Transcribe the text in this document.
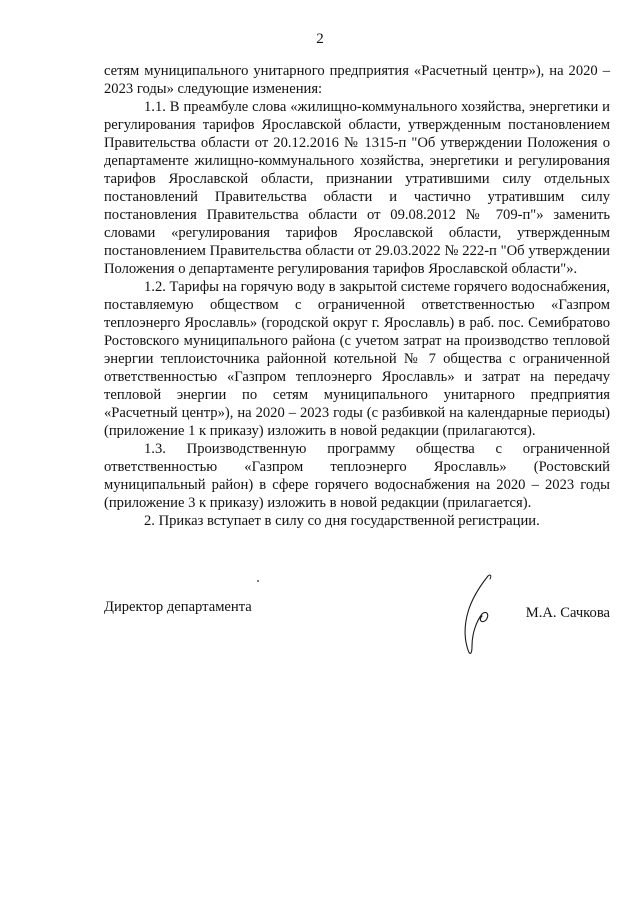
2

сетям муниципального унитарного предприятия «Расчетный центр»), на 2020 – 2023 годы» следующие изменения:

1.1. В преамбуле слова «жилищно-коммунального хозяйства, энергетики и регулирования тарифов Ярославской области, утвержденным постановлением Правительства области от 20.12.2016 № 1315-п "Об утверждении Положения о департаменте жилищно-коммунального хозяйства, энергетики и регулирования тарифов Ярославской области, признании утратившими силу отдельных постановлений Правительства области и частично утратившим силу постановления Правительства области от 09.08.2012 № 709-п"» заменить словами «регулирования тарифов Ярославской области, утвержденным постановлением Правительства области от 29.03.2022 № 222-п "Об утверждении Положения о департаменте регулирования тарифов Ярославской области"».

1.2. Тарифы на горячую воду в закрытой системе горячего водоснабжения, поставляемую обществом с ограниченной ответственностью «Газпром теплоэнерго Ярославль» (городской округ г. Ярославль) в раб. пос. Семибратово Ростовского муниципального района (с учетом затрат на производство тепловой энергии теплоисточника районной котельной № 7 общества с ограниченной ответственностью «Газпром теплоэнерго Ярославль» и затрат на передачу тепловой энергии по сетям муниципального унитарного предприятия «Расчетный центр»), на 2020 – 2023 годы (с разбивкой на календарные периоды) (приложение 1 к приказу) изложить в новой редакции (прилагаются).

1.3. Производственную программу общества с ограниченной ответственностью «Газпром теплоэнерго Ярославль» (Ростовский муниципальный район) в сфере горячего водоснабжения на 2020 – 2023 годы (приложение 3 к приказу) изложить в новой редакции (прилагается).

2. Приказ вступает в силу со дня государственной регистрации.

Директор департамента	М.А. Сачкова
